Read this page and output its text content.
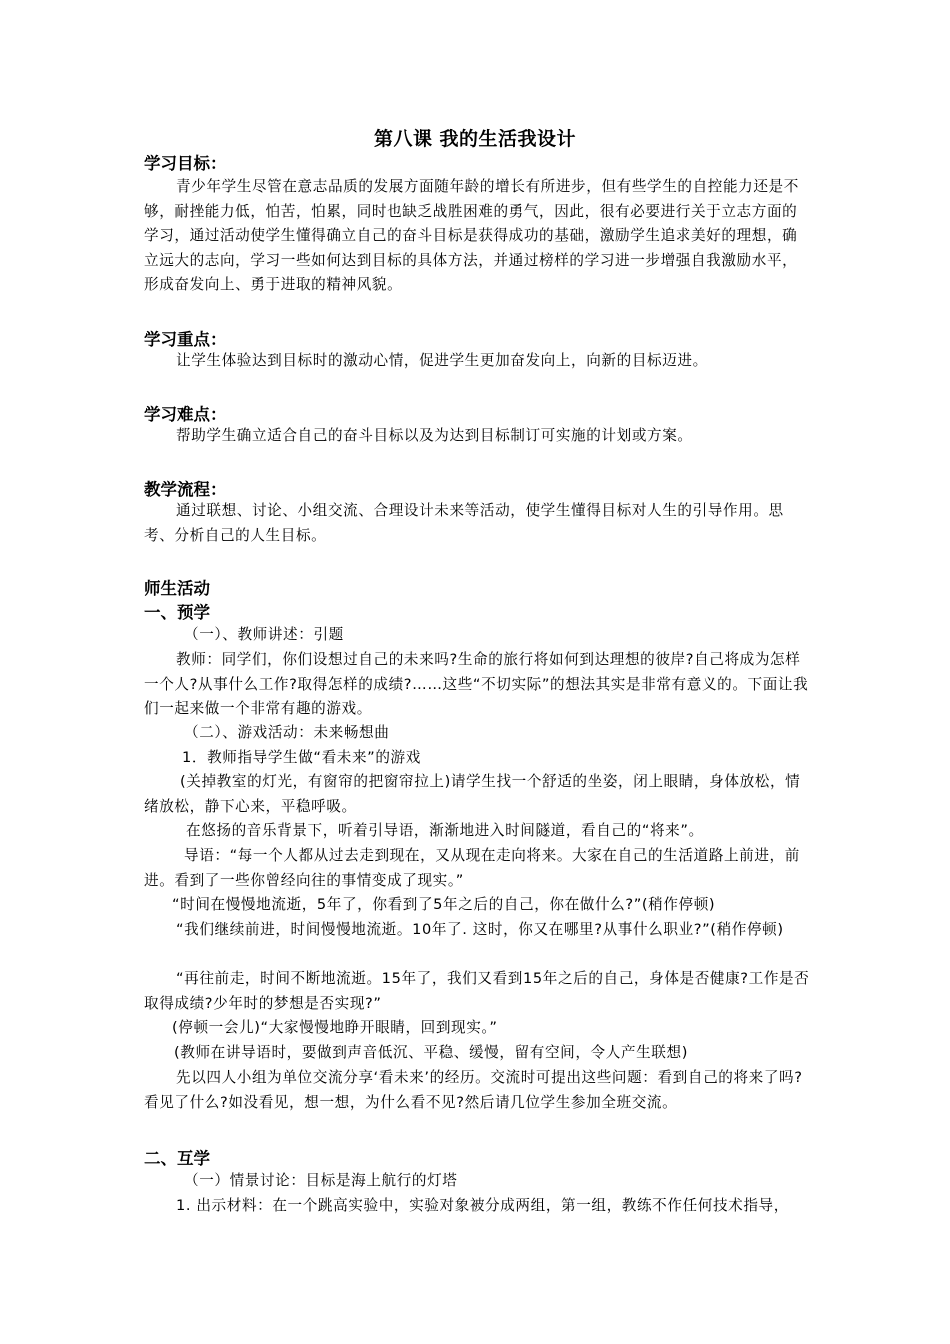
第八课 我的生活我设计
学习目标：
青少年学生尽管在意志品质的发展方面随年龄的增长有所进步，但有些学生的自控能力还是不够，耐挫能力低，怕苦，怕累，同时也缺乏战胜困难的勇气，因此，很有必要进行关于立志方面的学习，通过活动使学生懂得确立自己的奋斗目标是获得成功的基础，激励学生追求美好的理想，确立远大的志向，学习一些如何达到目标的具体方法，并通过榜样的学习进一步增强自我激励水平，形成奋发向上、勇于进取的精神风貌。
学习重点：
让学生体验达到目标时的激动心情，促进学生更加奋发向上，向新的目标迈进。
学习难点：
帮助学生确立适合自己的奋斗目标以及为达到目标制订可实施的计划或方案。
教学流程：
通过联想、讨论、小组交流、合理设计未来等活动，使学生懂得目标对人生的引导作用。思考、分析自己的人生目标。
师生活动
一、预学
（一）、教师讲述：引题
教师：同学们，你们设想过自己的未来吗?生命的旅行将如何到达理想的彼岸?自己将成为怎样一个人?从事什么工作?取得怎样的成绩?……这些“不切实际”的想法其实是非常有意义的。下面让我们一起来做一个非常有趣的游戏。
（二）、游戏活动：未来畅想曲
1．教师指导学生做“看未来”的游戏
(关掉教室的灯光，有窗帘的把窗帘拉上)请学生找一个舒适的坐姿，闭上眼睛，身体放松，情绪放松，静下心来，平稳呼吸。
在悠扬的音乐背景下，听着引导语，渐渐地进入时间隧道，看自己的“将来”。
导语：“每一个人都从过去走到现在，又从现在走向将来。大家在自己的生活道路上前进，前进。看到了一些你曾经向往的事情变成了现实。”
“时间在慢慢地流逝，5年了，你看到了5年之后的自己，你在做什么?”(稍作停顿)
“我们继续前进，时间慢慢地流逝。10年了. 这时，你又在哪里?从事什么职业?”(稍作停顿)
“再往前走，时间不断地流逝。15年了，我们又看到15年之后的自己，身体是否健康?工作是否取得成绩?少年时的梦想是否实现?”
(停顿一会儿)“大家慢慢地睁开眼睛，回到现实。”
(教师在讲导语时，要做到声音低沉、平稳、缓慢，留有空间，令人产生联想)
先以四人小组为单位交流分享‘看未来’的经历。交流时可提出这些问题：看到自己的将来了吗?看见了什么?如没看见，想一想，为什么看不见?然后请几位学生参加全班交流。
二、互学
（一）情景讨论：目标是海上航行的灯塔
1. 出示材料：在一个跳高实验中，实验对象被分成两组，第一组，教练不作任何技术指导，
